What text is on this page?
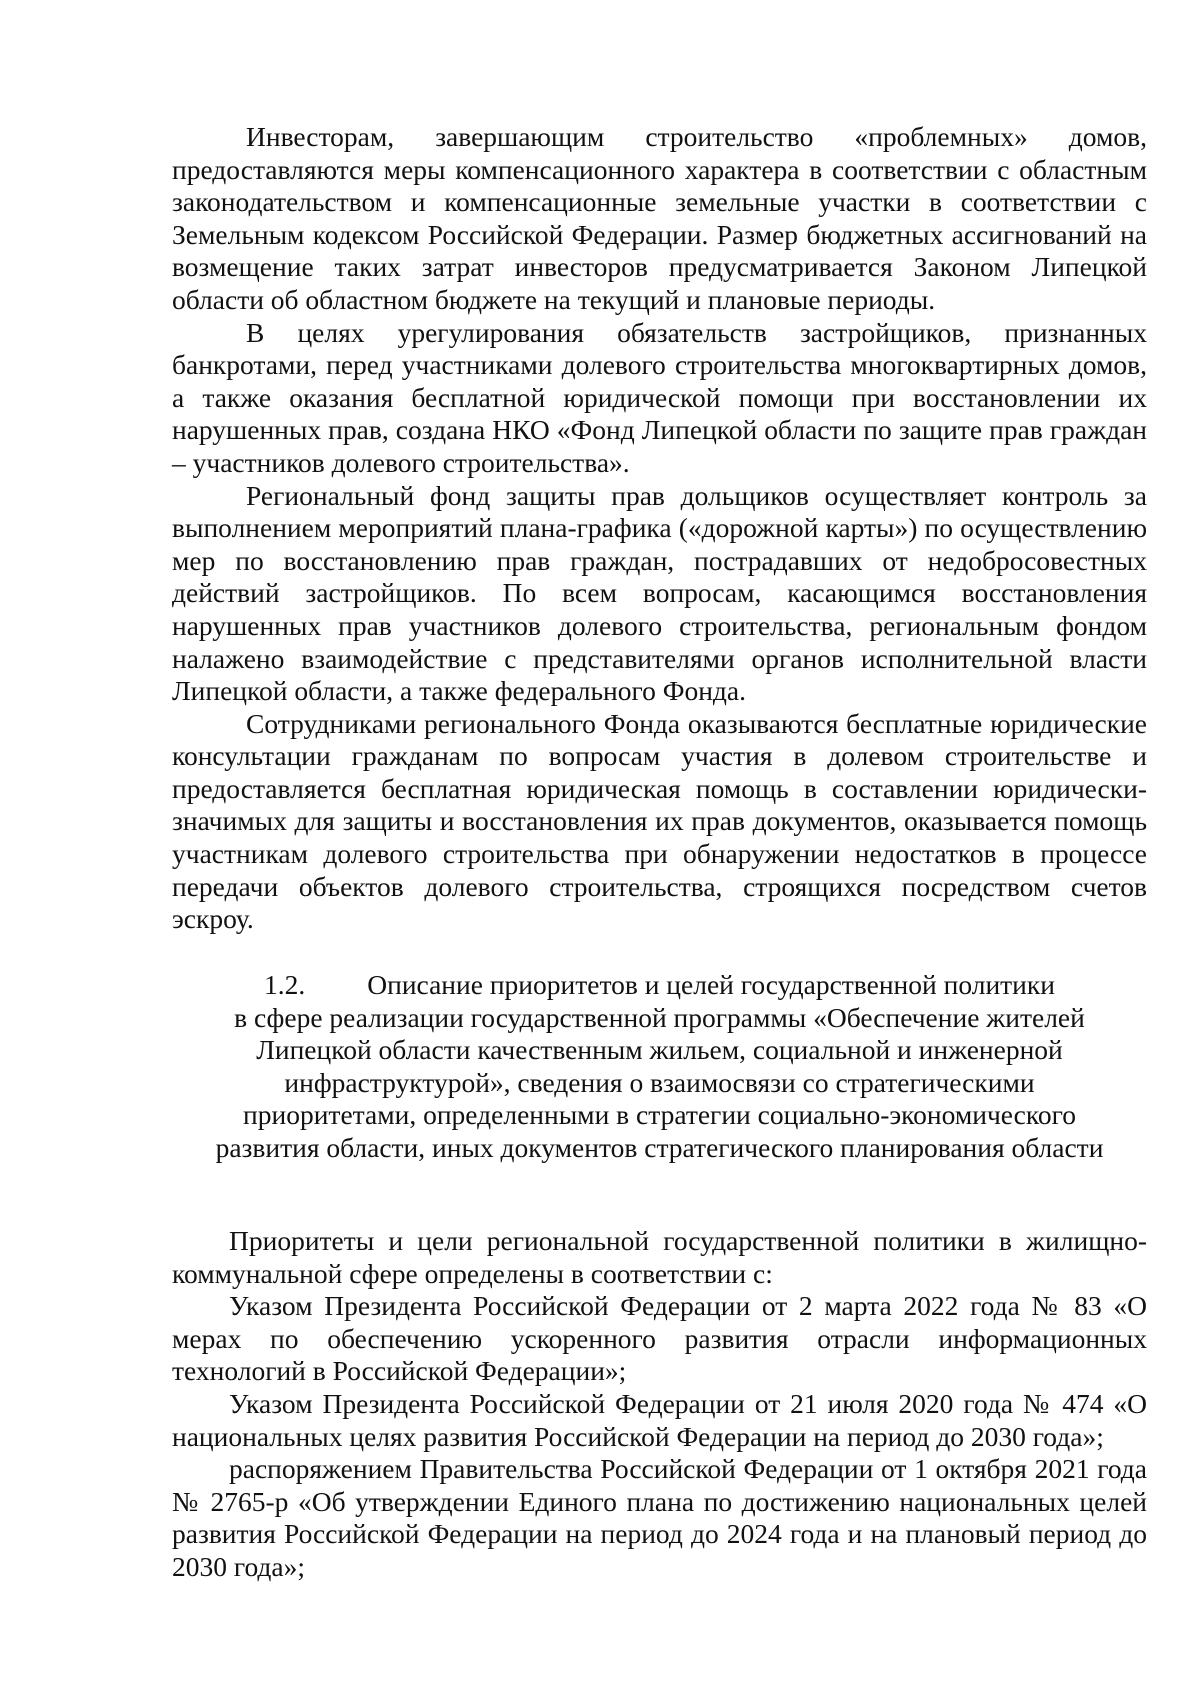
Инвесторам, завершающим строительство «проблемных» домов, предоставляются меры компенсационного характера в соответствии с областным законодательством и компенсационные земельные участки в соответствии с Земельным кодексом Российской Федерации. Размер бюджетных ассигнований на возмещение таких затрат инвесторов предусматривается Законом Липецкой области об областном бюджете на текущий и плановые периоды.

В целях урегулирования обязательств застройщиков, признанных банкротами, перед участниками долевого строительства многоквартирных домов, а также оказания бесплатной юридической помощи при восстановлении их нарушенных прав, создана НКО «Фонд Липецкой области по защите прав граждан – участников долевого строительства».

Региональный фонд защиты прав дольщиков осуществляет контроль за выполнением мероприятий плана-графика («дорожной карты») по осуществлению мер по восстановлению прав граждан, пострадавших от недобросовестных действий застройщиков. По всем вопросам, касающимся восстановления нарушенных прав участников долевого строительства, региональным фондом налажено взаимодействие с представителями органов исполнительной власти Липецкой области, а также федерального Фонда.

Сотрудниками регионального Фонда оказываются бесплатные юридические консультации гражданам по вопросам участия в долевом строительстве и предоставляется бесплатная юридическая помощь в составлении юридически-значимых для защиты и восстановления их прав документов, оказывается помощь участникам долевого строительства при обнаружении недостатков в процессе передачи объектов долевого строительства, строящихся посредством счетов эскроу.

1.2. Описание приоритетов и целей государственной политики
в сфере реализации государственной программы «Обеспечение жителей
Липецкой области качественным жильем, социальной и инженерной
инфраструктурой», сведения о взаимосвязи со стратегическими
приоритетами, определенными в стратегии социально-экономического
развития области, иных документов стратегического планирования области

Приоритеты и цели региональной государственной политики в жилищно-коммунальной сфере определены в соответствии с:

Указом Президента Российской Федерации от 2 марта 2022 года № 83 «О мерах по обеспечению ускоренного развития отрасли информационных технологий в Российской Федерации»;

Указом Президента Российской Федерации от 21 июля 2020 года № 474 «О национальных целях развития Российской Федерации на период до 2030 года»;

распоряжением Правительства Российской Федерации от 1 октября 2021 года № 2765-р «Об утверждении Единого плана по достижению национальных целей развития Российской Федерации на период до 2024 года и на плановый период до 2030 года»;
